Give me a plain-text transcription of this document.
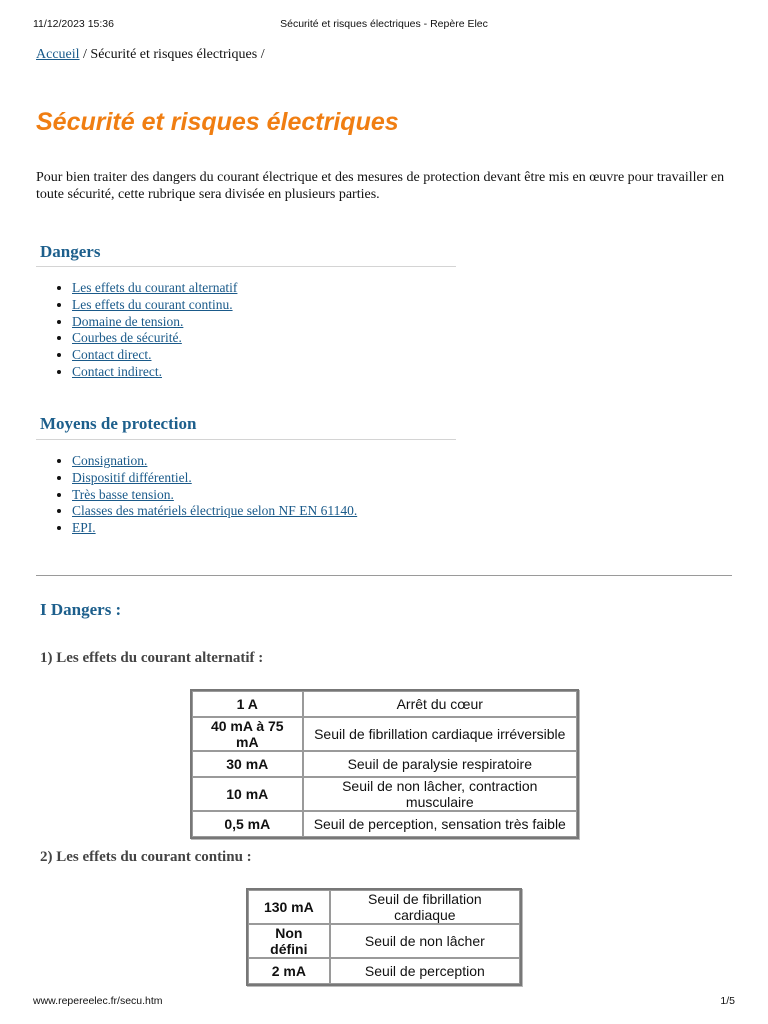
11/12/2023 15:36	Sécurité et risques électriques - Repère Elec
Accueil / Sécurité et risques électriques /
Sécurité et risques électriques

Pour bien traiter des dangers du courant électrique et des mesures de protection devant être mis en œuvre pour travailler en toute sécurité, cette rubrique sera divisée en plusieurs parties.

Dangers
• Les effets du courant alternatif
• Les effets du courant continu.
• Domaine de tension.
• Courbes de sécurité.
• Contact direct.
• Contact indirect.
Moyens de protection
• Consignation.
• Dispositif différentiel.
• Très basse tension.
• Classes des matériels électrique selon NF EN 61140.
• EPI.
I Dangers :
1) Les effets du courant alternatif :
1 A	Arrêt du cœur
40 mA à 75 mA	Seuil de fibrillation cardiaque irréversible
30 mA	Seuil de paralysie respiratoire
10 mA	Seuil de non lâcher, contraction musculaire
0,5 mA	Seuil de perception, sensation très faible
2) Les effets du courant continu :
130 mA	Seuil de fibrillation cardiaque
Non défini	Seuil de non lâcher
2 mA	Seuil de perception
www.repereelec.fr/secu.htm	1/5
